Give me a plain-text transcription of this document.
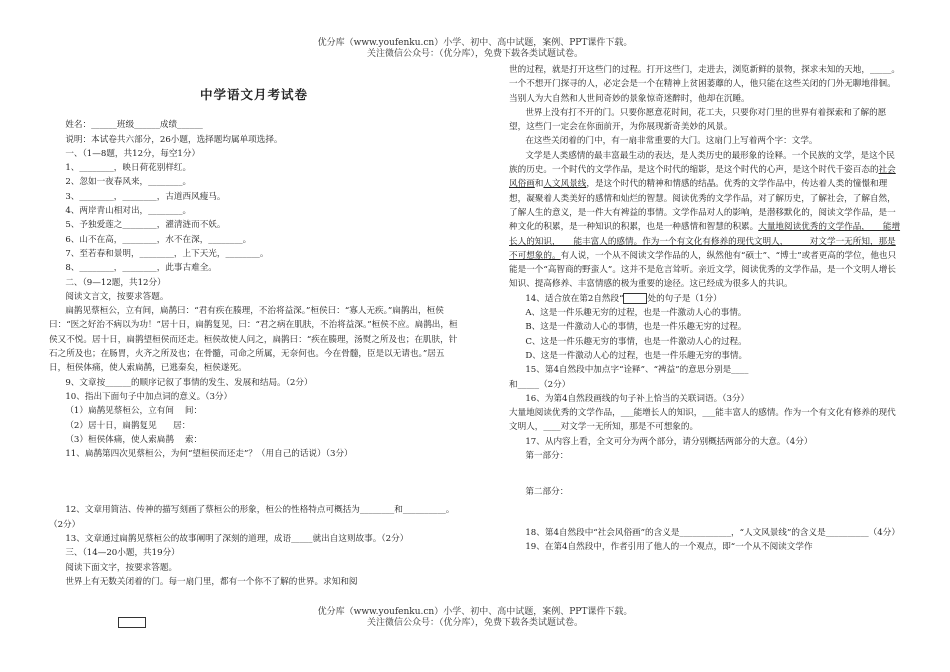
优分库（www.youfenku.cn）小学、初中、高中试题，案例、PPT课件下载。
关注微信公众号：（优分库），免费下载各类试题试卷。
中学语文月考试卷

姓名：______班级______成绩______

说明：本试卷共六部分，26小题，选择题均属单项选择。

一、（1—8题，共12分，每空1分）

1、________，映日荷花别样红。

2、忽如一夜春风来，________。

3、________，________，古道西风瘦马。

4、两岸青山相对出，________。

5、予独爱莲之________，濯清涟而不妖。

6、山不在高，________，水不在深，________。

7、至若春和景明，________，上下天光，________。

8、________，________，此事古难全。

二、（9—12题，共12分）

阅读文言文，按要求答题。

扁鹊见蔡桓公，立有间，扁鹊曰：“君有疾在腠理，不治将益深。”桓侯曰：“寡人无疾。”扁鹊出，桓侯曰：“医之好治不病以为功！”居十日，扁鹊复见，曰：“君之病在肌肤，不治将益深。”桓侯不应。扁鹊出，桓侯又不悦。居十日，扁鹊望桓侯而还走。桓侯故使人问之，扁鹊曰：“疾在腠理，汤熨之所及也；在肌肤，针石之所及也；在肠胃，火齐之所及也；在骨髓，司命之所属，无奈何也。今在骨髓，臣是以无请也。”居五日，桓侯体痛，使人索扁鹊，已逃秦矣，桓侯遂死。

9、文章按______的顺序记叙了事情的发生、发展和结局。（2分）

10、指出下面句子中加点词的意义。（3分）

（1）扁鹊见蔡桓公，立有间    间：

（2）居十日，扁鹊复见      居：

（3）桓侯体痛，使人索扁鹊    索：

11、扁鹊第四次见蔡桓公，为何“望桓侯而还走”？（用自己的话说）（3分）

12、文章用简洁、传神的描写刻画了蔡桓公的形象，桓公的性格特点可概括为________和__________。（2分）

13、文章通过扁鹊见蔡桓公的故事阐明了深刻的道理，成语_____就出自这则故事。（2分）

三、（14—20小题，共19分）

阅读下面文字，按要求答题。

世界上有无数关闭着的门。每一扇门里，都有一个你不了解的世界。求知和阅

世的过程，就是打开这些门的过程。打开这些门，走进去，浏览新鲜的景物，探求未知的天地，_____。一个不想开门探寻的人，必定会是一个在精神上贫困萎蘼的人，他只能在这些关闭的门外无聊地徘徊。当别人为大自然和人世间奇妙的景象惊奇迷醉时，他却在沉睡。

世界上没有打不开的门。只要你愿意花时间，花工夫，只要你对门里的世界有着探索和了解的愿望，这些门一定会在你面前开，为你展现新奇美妙的风景。

在这些关闭着的门中，有一扇非常重要的大门。这扇门上写着两个字：文学。

文学是人类感情的最丰富最生动的表达，是人类历史的最形象的诠释。一个民族的文学，是这个民族的历史。一个时代的文学作品，是这个时代的缩影，是这个时代的心声，是这个时代千姿百态的社会风俗画和人文风景线，是这个时代的精神和情感的结晶。优秀的文学作品中，传达着人类的憧憬和理想，凝聚着人类美好的感情和灿烂的智慧。阅读优秀的文学作品，对了解历史，了解社会，了解自然，了解人生的意义，是一件大有裨益的事情。文学作品对人的影响，是潜移默化的，阅读文学作品，是一种文化的积累，是一种知识的积累，也是一种感情和智慧的积累。大量地阅读优秀的文学作品，___能增长人的知识，___能丰富人的感情。作为一个有文化有修养的现代文明人，_____对文学一无所知，那是不可想象的。有人说，一个从不阅读文学作品的人，纵然他有“硕士”、“博士”或者更高的学位，他也只能是一个“高智商的野蛮人”。这并不是危言耸听。亲近文学，阅读优秀的文学作品，是一个文明人增长知识、提高修养、丰富情感的极为重要的途径。这已经成为很多人的共识。

14、适合放在第2自然段“	处的句子是（1分）

A、这是一件乐趣无穷的过程，也是一件激动人心的事情。

B、这是一件激动人心的事情，也是一件乐趣无穷的过程。

C、这是一件乐趣无穷的事情，也是一件激动人心的过程。

D、这是一件激动人心的过程，也是一件乐趣无穷的事情。

15、第4自然段中加点字“诠释”、“裨益”的意思分别是____

和_____（2分）

16、为第4自然段画线的句子补上恰当的关联词语。（3分）

大量地阅读优秀的文学作品，___能增长人的知识，___能丰富人的感情。作为一个有文化有修养的现代文明人，____对文学一无所知，那是不可想象的。

17、从内容上看，全文可分为两个部分，请分别概括两部分的大意。（4分）

第一部分：

第二部分：

18、第4自然段中“社会风俗画”的含义是____________，“人文风景线”的含义是__________（4分）

19、在第4自然段中，作者引用了他人的一个观点，即“一个从不阅读文学作

优分库（www.youfenku.cn）小学、初中、高中试题，案例、PPT课件下载。
关注微信公众号：（优分库），免费下载各类试题试卷。
